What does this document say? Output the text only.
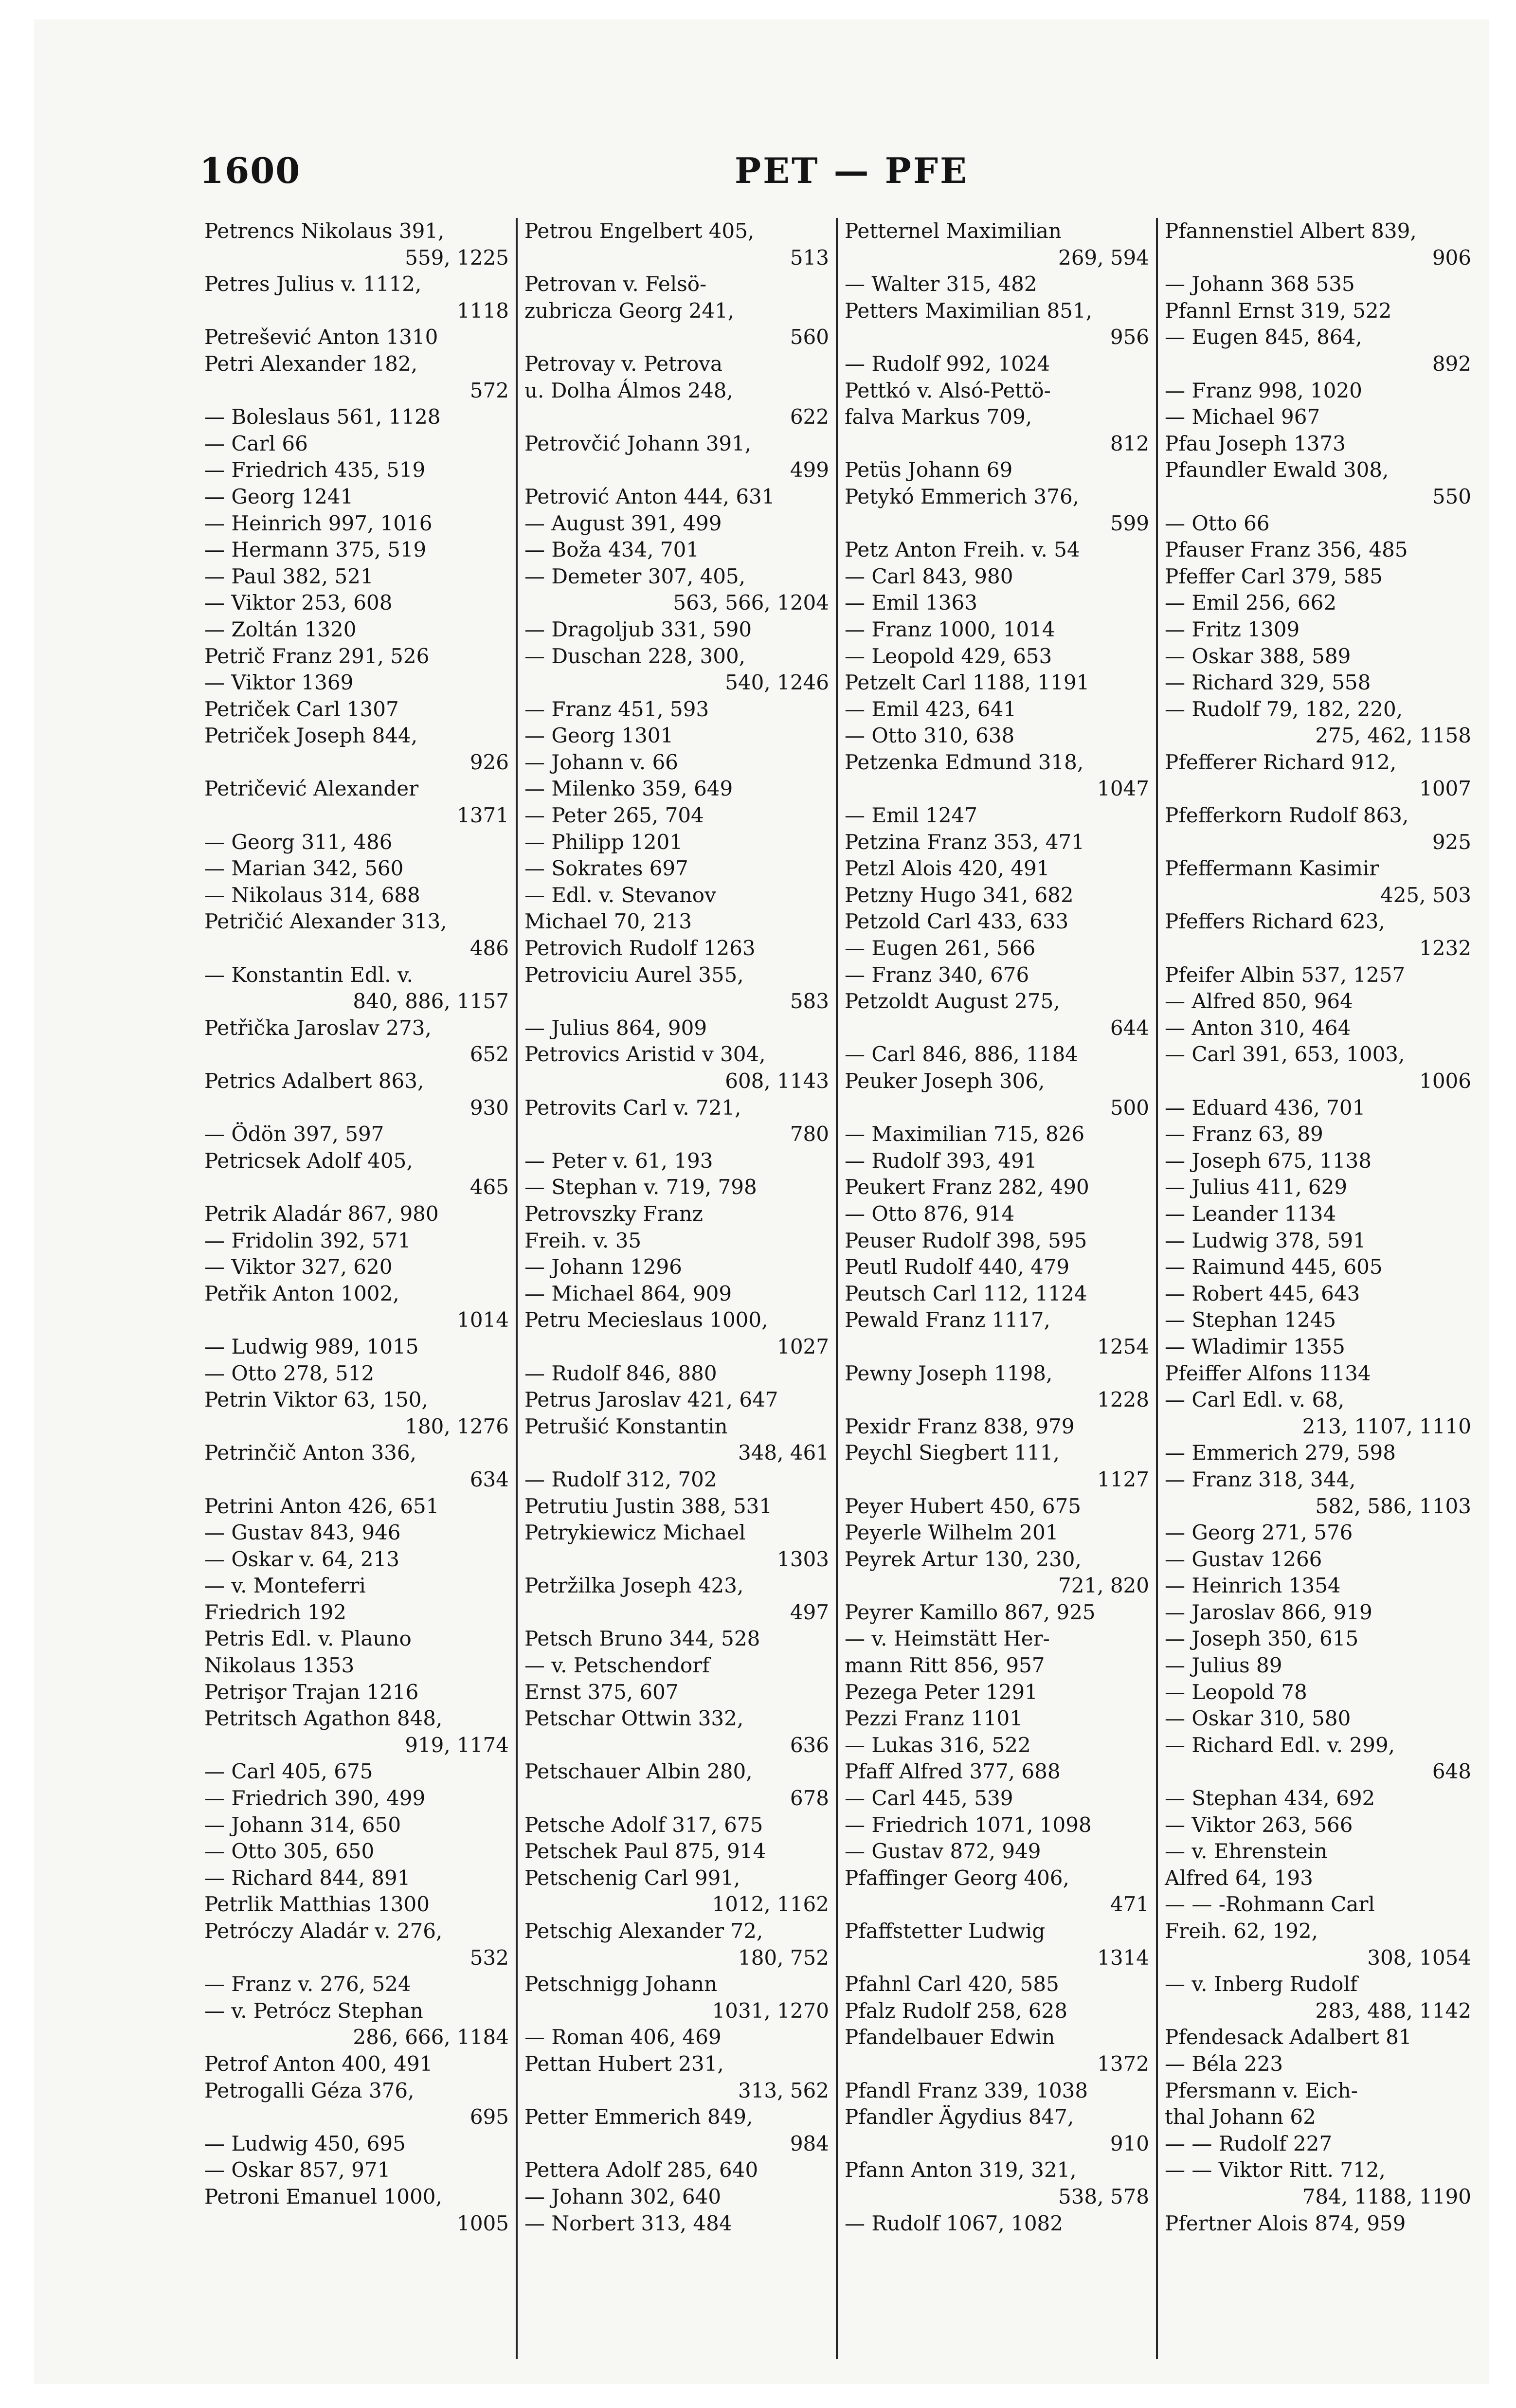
1600	PET — PFE
Petrencs Nikolaus 391,
559, 1225
Petres Julius v. 1112,
1118
Petrešević Anton 1310
Petri Alexander 182,
572
— Boleslaus 561, 1128
— Carl 66
— Friedrich 435, 519
— Georg 1241
— Heinrich 997, 1016
— Hermann 375, 519
— Paul 382, 521
— Viktor 253, 608
— Zoltán 1320
Petrič Franz 291, 526
— Viktor 1369
Petriček Carl 1307
Petriček Joseph 844,
926
Petričević Alexander
1371
— Georg 311, 486
— Marian 342, 560
— Nikolaus 314, 688
Petričić Alexander 313,
486
— Konstantin Edl. v.
840, 886, 1157
Petřička Jaroslav 273,
652
Petrics Adalbert 863,
930
— Ödön 397, 597
Petricsek Adolf 405,
465
Petrik Aladár 867, 980
— Fridolin 392, 571
— Viktor 327, 620
Petřik Anton 1002,
1014
— Ludwig 989, 1015
— Otto 278, 512
Petrin Viktor 63, 150,
180, 1276
Petrinčič Anton 336,
634
Petrini Anton 426, 651
— Gustav 843, 946
— Oskar v. 64, 213
— v. Monteferri
Friedrich 192
Petris Edl. v. Plauno
Nikolaus 1353
Petrişor Trajan 1216
Petritsch Agathon 848,
919, 1174
— Carl 405, 675
— Friedrich 390, 499
— Johann 314, 650
— Otto 305, 650
— Richard 844, 891
Petrlik Matthias 1300
Petróczy Aladár v. 276,
532
— Franz v. 276, 524
— v. Petrócz Stephan
286, 666, 1184
Petrof Anton 400, 491
Petrogalli Géza 376,
695
— Ludwig 450, 695
— Oskar 857, 971
Petroni Emanuel 1000,
1005
Petrou Engelbert 405,
513
Petrovan v. Felsö-
zubricza Georg 241,
560
Petrovay v. Petrova
u. Dolha Álmos 248,
622
Petrovčić Johann 391,
499
Petrović Anton 444, 631
— August 391, 499
— Boža 434, 701
— Demeter 307, 405,
563, 566, 1204
— Dragoljub 331, 590
— Duschan 228, 300,
540, 1246
— Franz 451, 593
— Georg 1301
— Johann v. 66
— Milenko 359, 649
— Peter 265, 704
— Philipp 1201
— Sokrates 697
— Edl. v. Stevanov
Michael 70, 213
Petrovich Rudolf 1263
Petroviciu Aurel 355,
583
— Julius 864, 909
Petrovics Aristid v 304,
608, 1143
Petrovits Carl v. 721,
780
— Peter v. 61, 193
— Stephan v. 719, 798
Petrovszky Franz
Freih. v. 35
— Johann 1296
— Michael 864, 909
Petru Mecieslaus 1000,
1027
— Rudolf 846, 880
Petrus Jaroslav 421, 647
Petrušić Konstantin
348, 461
— Rudolf 312, 702
Petrutiu Justin 388, 531
Petrykiewicz Michael
1303
Petržilka Joseph 423,
497
Petsch Bruno 344, 528
— v. Petschendorf
Ernst 375, 607
Petschar Ottwin 332,
636
Petschauer Albin 280,
678
Petsche Adolf 317, 675
Petschek Paul 875, 914
Petschenig Carl 991,
1012, 1162
Petschig Alexander 72,
180, 752
Petschnigg Johann
1031, 1270
— Roman 406, 469
Pettan Hubert 231,
313, 562
Petter Emmerich 849,
984
Pettera Adolf 285, 640
— Johann 302, 640
— Norbert 313, 484
Petternel Maximilian
269, 594
— Walter 315, 482
Petters Maximilian 851,
956
— Rudolf 992, 1024
Pettkó v. Alsó-Pettö-
falva Markus 709,
812
Petüs Johann 69
Petykó Emmerich 376,
599
Petz Anton Freih. v. 54
— Carl 843, 980
— Emil 1363
— Franz 1000, 1014
— Leopold 429, 653
Petzelt Carl 1188, 1191
— Emil 423, 641
— Otto 310, 638
Petzenka Edmund 318,
1047
— Emil 1247
Petzina Franz 353, 471
Petzl Alois 420, 491
Petzny Hugo 341, 682
Petzold Carl 433, 633
— Eugen 261, 566
— Franz 340, 676
Petzoldt August 275,
644
— Carl 846, 886, 1184
Peuker Joseph 306,
500
— Maximilian 715, 826
— Rudolf 393, 491
Peukert Franz 282, 490
— Otto 876, 914
Peuser Rudolf 398, 595
Peutl Rudolf 440, 479
Peutsch Carl 112, 1124
Pewald Franz 1117,
1254
Pewny Joseph 1198,
1228
Pexidr Franz 838, 979
Peychl Siegbert 111,
1127
Peyer Hubert 450, 675
Peyerle Wilhelm 201
Peyrek Artur 130, 230,
721, 820
Peyrer Kamillo 867, 925
— v. Heimstätt Her-
mann Ritt 856, 957
Pezega Peter 1291
Pezzi Franz 1101
— Lukas 316, 522
Pfaff Alfred 377, 688
— Carl 445, 539
— Friedrich 1071, 1098
— Gustav 872, 949
Pfaffinger Georg 406,
471
Pfaffstetter Ludwig
1314
Pfahnl Carl 420, 585
Pfalz Rudolf 258, 628
Pfandelbauer Edwin
1372
Pfandl Franz 339, 1038
Pfandler Ägydius 847,
910
Pfann Anton 319, 321,
538, 578
— Rudolf 1067, 1082
Pfannenstiel Albert 839,
906
— Johann 368 535
Pfannl Ernst 319, 522
— Eugen 845, 864,
892
— Franz 998, 1020
— Michael 967
Pfau Joseph 1373
Pfaundler Ewald 308,
550
— Otto 66
Pfauser Franz 356, 485
Pfeffer Carl 379, 585
— Emil 256, 662
— Fritz 1309
— Oskar 388, 589
— Richard 329, 558
— Rudolf 79, 182, 220,
275, 462, 1158
Pfefferer Richard 912,
1007
Pfefferkorn Rudolf 863,
925
Pfeffermann Kasimir
425, 503
Pfeffers Richard 623,
1232
Pfeifer Albin 537, 1257
— Alfred 850, 964
— Anton 310, 464
— Carl 391, 653, 1003,
1006
— Eduard 436, 701
— Franz 63, 89
— Joseph 675, 1138
— Julius 411, 629
— Leander 1134
— Ludwig 378, 591
— Raimund 445, 605
— Robert 445, 643
— Stephan 1245
— Wladimir 1355
Pfeiffer Alfons 1134
— Carl Edl. v. 68,
213, 1107, 1110
— Emmerich 279, 598
— Franz 318, 344,
582, 586, 1103
— Georg 271, 576
— Gustav 1266
— Heinrich 1354
— Jaroslav 866, 919
— Joseph 350, 615
— Julius 89
— Leopold 78
— Oskar 310, 580
— Richard Edl. v. 299,
648
— Stephan 434, 692
— Viktor 263, 566
— v. Ehrenstein
Alfred 64, 193
— — -Rohmann Carl
Freih. 62, 192,
308, 1054
— v. Inberg Rudolf
283, 488, 1142
Pfendesack Adalbert 81
— Béla 223
Pfersmann v. Eich-
thal Johann 62
— — Rudolf 227
— — Viktor Ritt. 712,
784, 1188, 1190
Pfertner Alois 874, 959
